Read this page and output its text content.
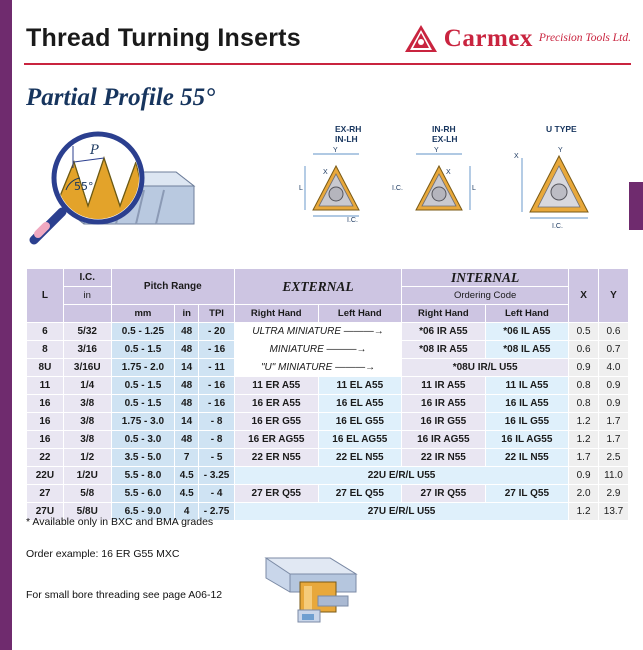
Thread Turning Inserts	Carmex Precision Tools Ltd.
Partial Profile 55°
P
55°
EX-RH
IN-LH
Y
L
X
I.C.
IN-RH
EX-LH
Y
L
X
I.C.
U TYPE
X
Y
I.C.
L	I.C.	Pitch Range			EXTERNAL		INTERNAL		X	Y
	in						Ordering Code			
		mm	in	TPI	Right Hand	Left Hand	Right Hand	Left Hand		
6	5/32	0.5 - 1.25	48	- 20	ULTRA MINIATURE ———→		*06 IR A55	*06 IL A55	0.5	0.6
8	3/16	0.5 - 1.5	48	- 16	MINIATURE ———→		*08 IR A55	*08 IL A55	0.6	0.7
8U	3/16U	1.75 - 2.0	14	- 11	"U" MINIATURE ———→		*08U IR/L U55		0.9	4.0
11	1/4	0.5 - 1.5	48	- 16	11 ER A55	11 EL A55	11 IR A55	11 IL A55	0.8	0.9
16	3/8	0.5 - 1.5	48	- 16	16 ER A55	16 EL A55	16 IR A55	16 IL A55	0.8	0.9
16	3/8	1.75 - 3.0	14	- 8	16 ER G55	16 EL G55	16 IR G55	16 IL G55	1.2	1.7
16	3/8	0.5 - 3.0	48	- 8	16 ER AG55	16 EL AG55	16 IR AG55	16 IL AG55	1.2	1.7
22	1/2	3.5 - 5.0	7	- 5	22 ER N55	22 EL N55	22 IR N55	22 IL N55	1.7	2.5
22U	1/2U	5.5 - 8.0	4.5	- 3.25	22U E/R/L U55				0.9	11.0
27	5/8	5.5 - 6.0	4.5	- 4	27 ER Q55	27 EL Q55	27 IR Q55	27 IL Q55	2.0	2.9
27U	5/8U	6.5 - 9.0	4	- 2.75	27U E/R/L U55				1.2	13.7
* Available only in BXC and BMA grades
Order example: 16 ER G55 MXC
For small bore threading see page A06-12
